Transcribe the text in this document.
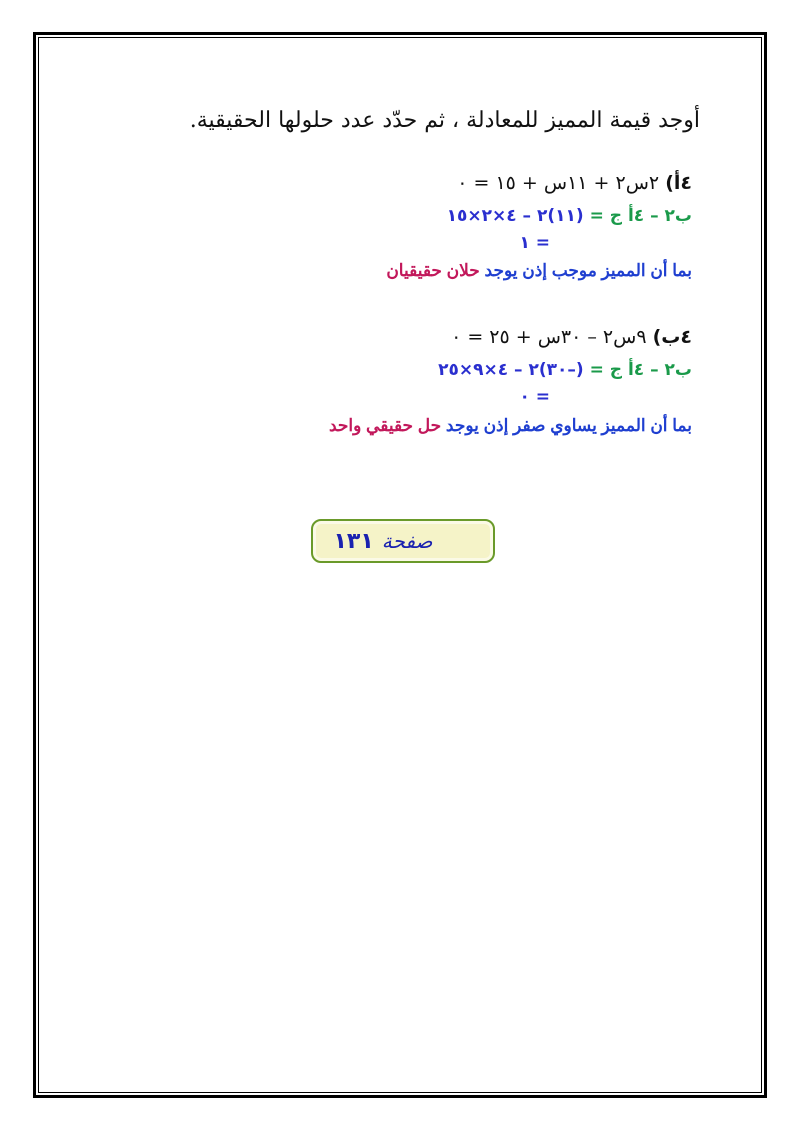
أوجد قيمة المميز للمعادلة ، ثم حدّد عدد حلولها الحقيقية.
٤أ) ٢س٢ + ١١س + ١٥ = ٠
ب٢ – ٤أ ج = (١١)٢ – ٤×٢×١٥
= ١
بما أن المميز موجب إذن يوجد حلان حقيقيان
٤ب) ٩س٢ – ٣٠س + ٢٥ = ٠
ب٢ – ٤أ ج = (–٣٠)٢ – ٤×٩×٢٥
= ٠
بما أن المميز يساوي صفر إذن يوجد حل حقيقي واحد
صفحة
١٣١
